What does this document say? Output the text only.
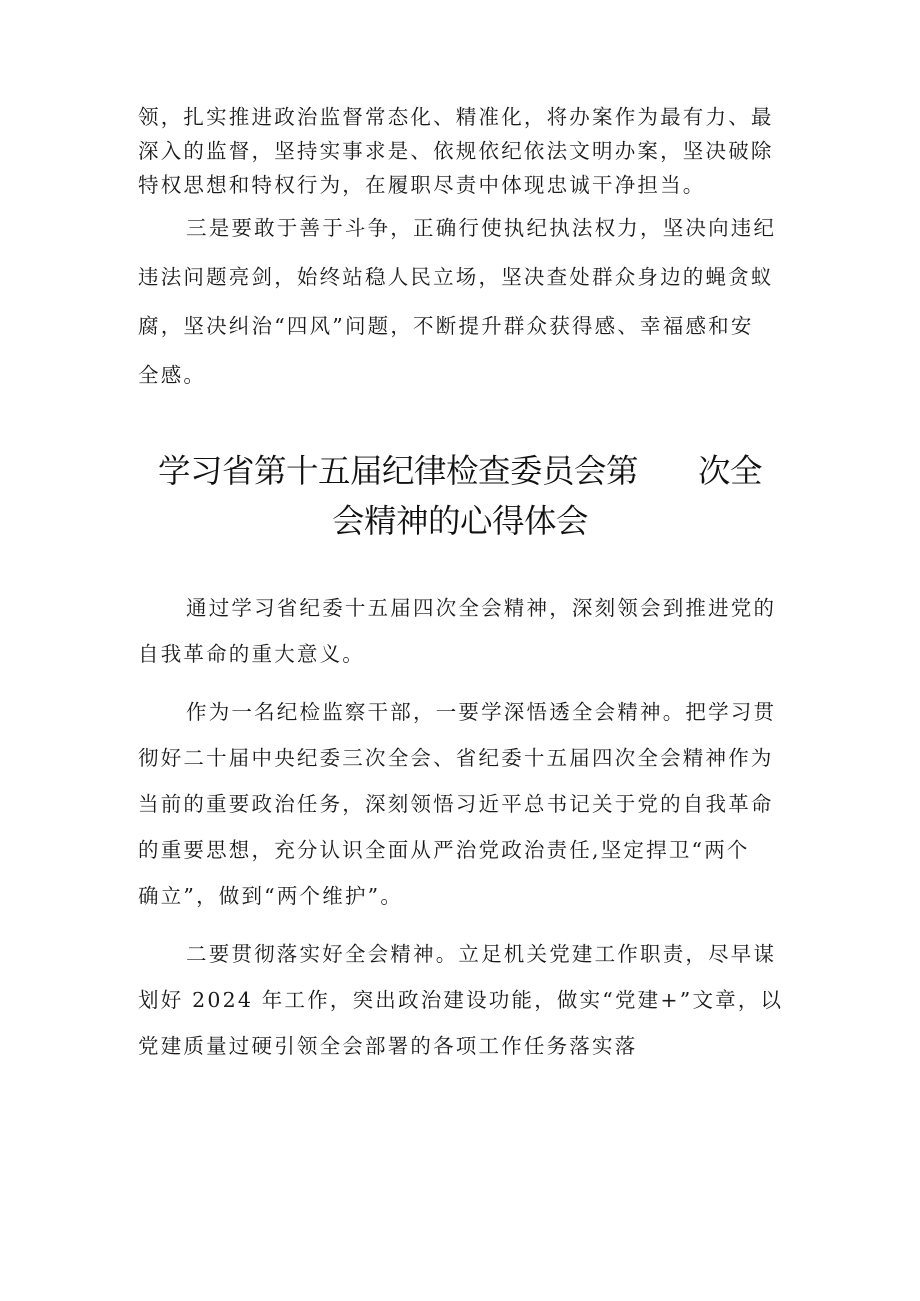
领，扎实推进政治监督常态化、精准化，将办案作为最有力、最
深入的监督，坚持实事求是、依规依纪依法文明办案，坚决破除
特权思想和特权行为，在履职尽责中体现忠诚干净担当。

三是要敢于善于斗争，正确行使执纪执法权力，坚决向违纪
违法问题亮剑，始终站稳人民立场，坚决查处群众身边的蝇贪蚁
腐，坚决纠治“四风”问题，不断提升群众获得感、幸福感和安
全感。

学习省第十五届纪律检查委员会第 次全
会精神的心得体会
通过学习省纪委十五届四次全会精神，深刻领会到推进党的
自我革命的重大意义。
作为一名纪检监察干部，一要学深悟透全会精神。把学习贯
彻好二十届中央纪委三次全会、省纪委十五届四次全会精神作为
当前的重要政治任务，深刻领悟习近平总书记关于党的自我革命
的重要思想，充分认识全面从严治党政治责任,坚定捍卫“两个
确立”，做到“两个维护”。
二要贯彻落实好全会精神。立足机关党建工作职责，尽早谋
划好 2024 年工作，突出政治建设功能，做实“党建+”文章，以
党建质量过硬引领全会部署的各项工作任务落实落
